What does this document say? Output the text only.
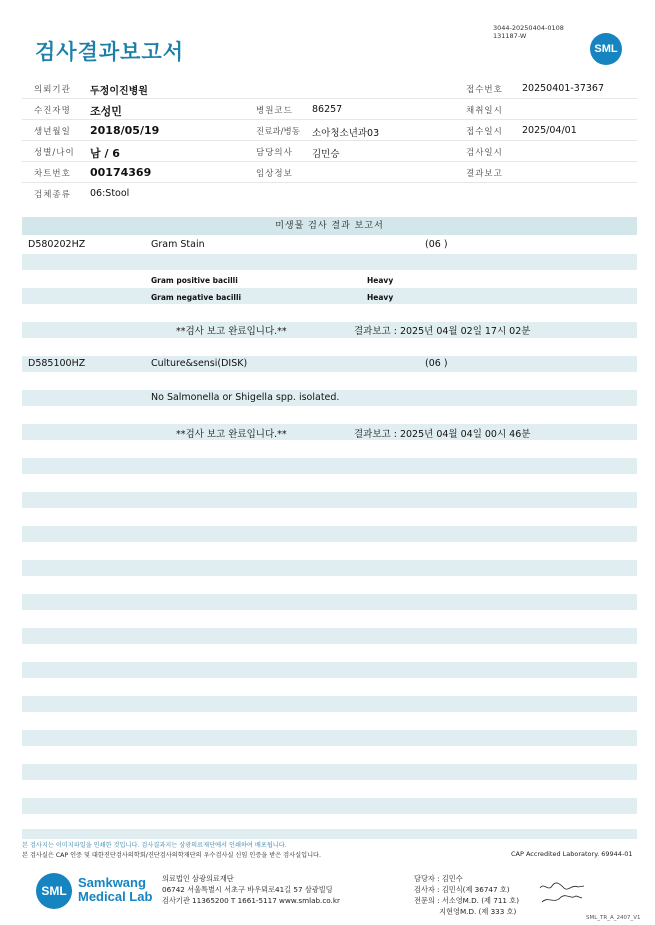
3044-20250404-0108
131187-W
검사결과보고서	SML
의뢰기관 두정이진병원	접수번호 20250401-37367
수진자명 조성민	병원코드 86257	채취일시
생년월일 2018/05/19	진료과/병동 소아청소년과03	접수일시 2025/04/01
성별/나이 남 / 6	담당의사 김민승	검사일시
차트번호 00174369	임상정보	결과보고
검체종류 06:Stool
미생물 검사 결과 보고서
D580202HZ	Gram Stain	(06 )
Gram positive bacilli	Heavy
Gram negative bacilli	Heavy
**검사 보고 완료입니다.**	결과보고 : 2025년 04월 02일 17시 02분
D585100HZ	Culture&sensi(DISK)	(06 )
No Salmonella or Shigella spp. isolated.
**검사 보고 완료입니다.**	결과보고 : 2025년 04월 04일 00시 46분
본 검사지는 이미지파일을 인쇄한 것입니다. 검사결과지는 삼광의료재단에서 인쇄하여 배포됩니다.
본 검사실은 CAP 인증 및 대한진단검사의학회/진단검사의학재단의 우수검사실 신임 인증을 받은 검사실입니다.	CAP Accredited Laboratory. 69944-01
SML
Samkwang
Medical Lab
의료법인 삼광의료재단
06742 서울특별시 서초구 바우뫼로41길 57 삼광빌딩
검사기관 11365200 T 1661-5117 www.smlab.co.kr
담당자 : 김민수
검사자 : 김민식(제 36747 호)
전문의 : 서소영M.D. (제 711 호)
지현영M.D. (제 333 호)
SML_TR_A_2407_V1
